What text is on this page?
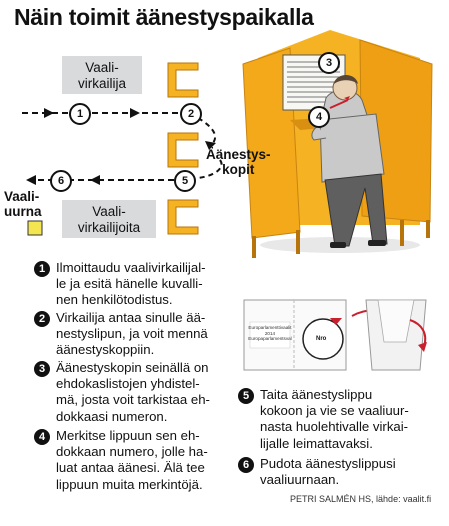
Näin toimit äänestyspaikalla
Europarlamenttivaalit
2014
Europaparlamentsval	Nro
Vaali-
virkailija
Vaali-
virkailijoita
Äänestys-
kopit
Vaali-
uurna
1	2
5
6
3
4
1 Ilmoittaudu vaalivirkailijal-
le ja esitä hänelle kuvalli-
nen henkilötodistus.
2 Virkailija antaa sinulle ää-
nestyslipun, ja voit mennä
äänestyskoppiin.
3 Äänestyskopin seinällä on
ehdokaslistojen yhdistel-
mä, josta voit tarkistaa eh-
dokkaasi numeron.
4 Merkitse lippuun sen eh-
dokkaan numero, jolle ha-
luat antaa äänesi. Älä tee
lippuun muita merkintöjä.
5 Taita äänestyslippu
kokoon ja vie se vaaliuur-
nasta huolehtivalle virkai-
lijalle leimattavaksi.
6 Pudota äänestyslippusi
vaaliuurnaan.
PETRI SALMÉN HS, lähde: vaalit.fi
